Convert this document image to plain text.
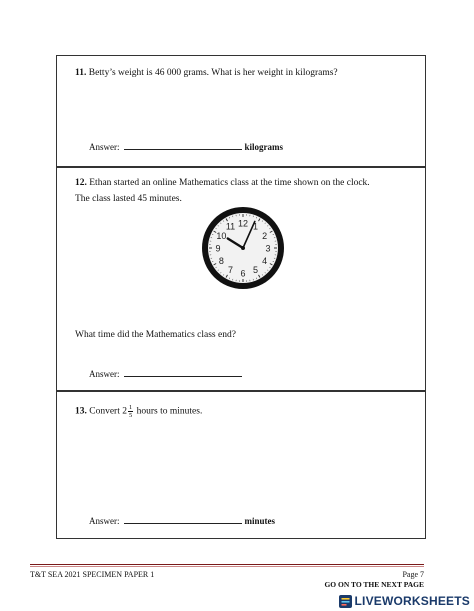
11. Betty’s weight is 46 000 grams. What is her weight in kilograms?
Answer:	kilograms
12. Ethan started an online Mathematics class at the time shown on the clock.
The class lasted 45 minutes.
12 1
2
3
4
5
6
7
8
9
10
11
What time did the Mathematics class end?
Answer:
13. Convert $2 \frac{1}{5}$ hours to minutes.
Answer:	minutes
T&T SEA 2021 SPECIMEN PAPER 1	Page 7
GO ON TO THE NEXT PAGE
LIVEWORKSHEETS
